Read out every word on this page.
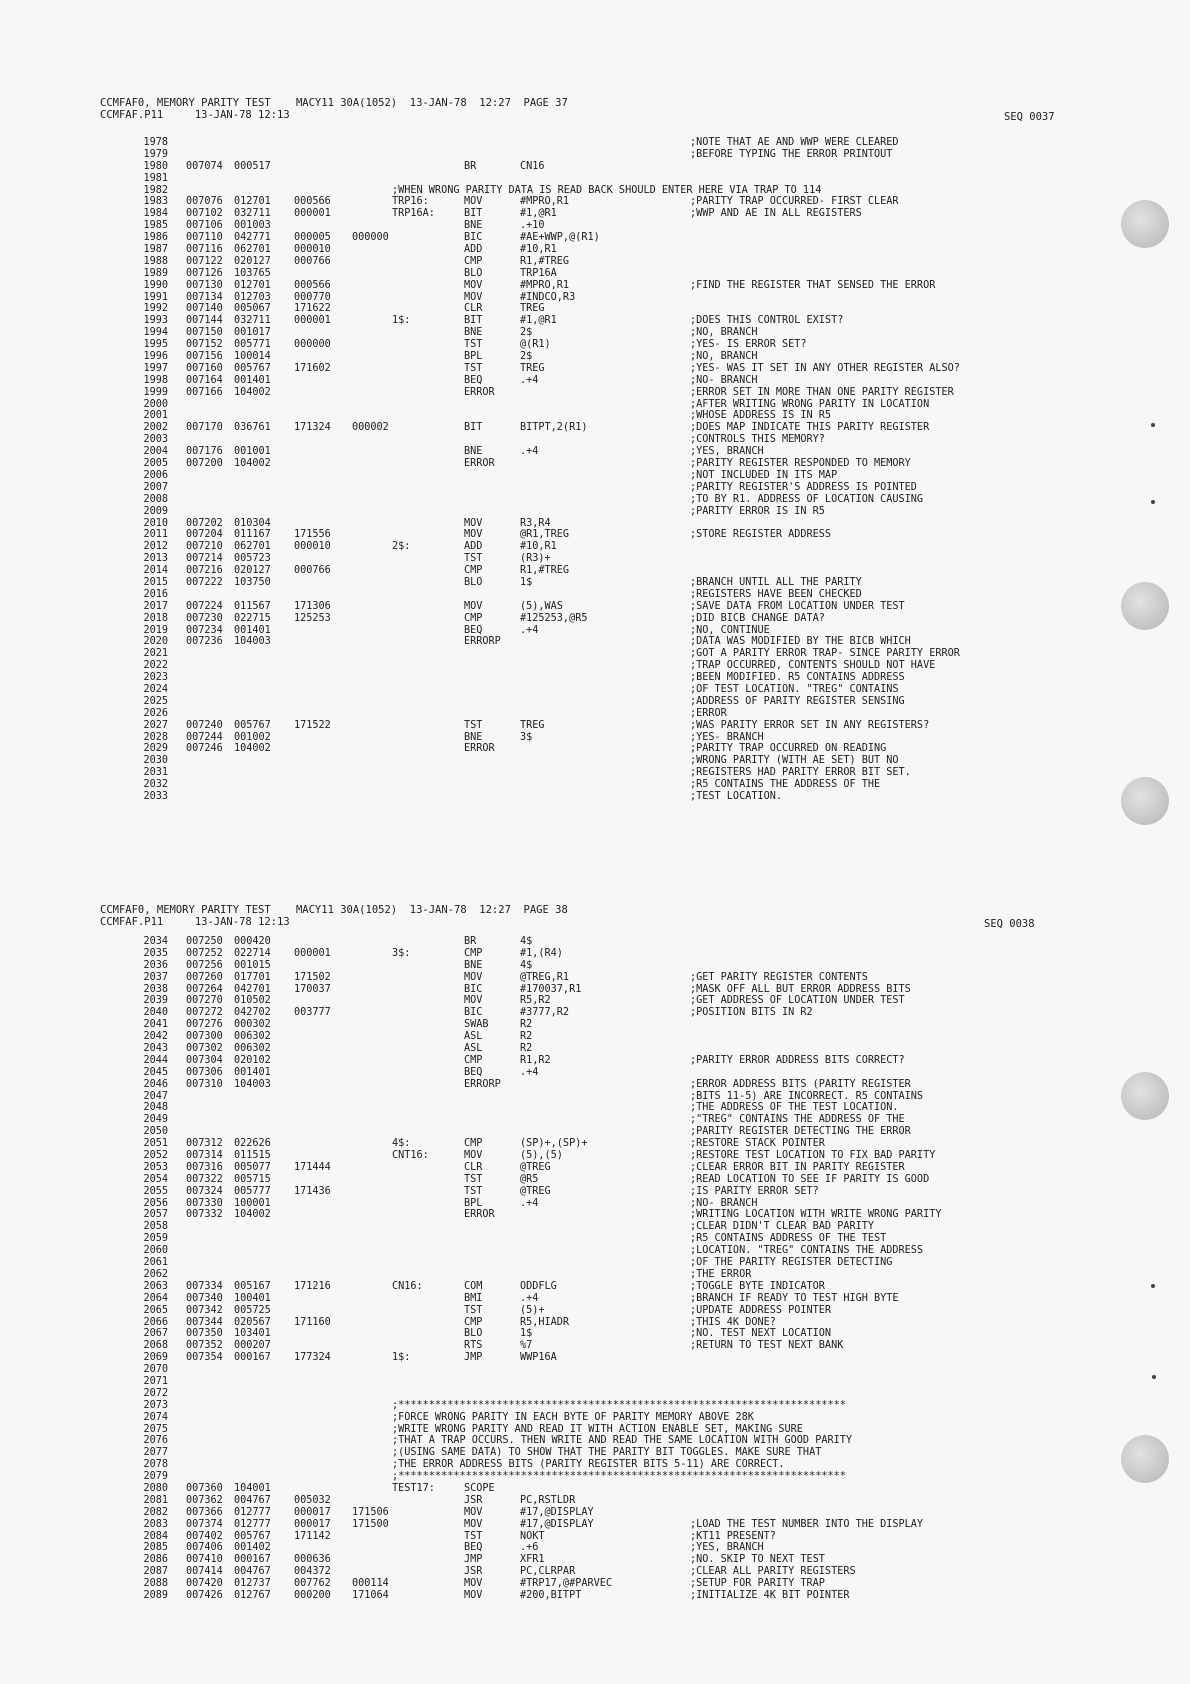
CCMFAF0, MEMORY PARITY TEST    MACY11 30A(1052)  13-JAN-78  12:27  PAGE 37
CCMFAF.P11     13-JAN-78 12:13	SEQ 0037
1978	;NOTE THAT AE AND WWP WERE CLEARED
1979	;BEFORE TYPING THE ERROR PRINTOUT
1980 007074 000517	BR	CN16
1981
1982	;WHEN WRONG PARITY DATA IS READ BACK SHOULD ENTER HERE VIA TRAP TO 114
1983 007076 012701 000566	TRP16:	MOV	#MPRO,R1	;PARITY TRAP OCCURRED- FIRST CLEAR
1984 007102 032711 000001	TRP16A:	BIT	#1,@R1	;WWP AND AE IN ALL REGISTERS
1985 007106 001003	BNE	.+10
1986 007110 042771 000005 000000	BIC	#AE+WWP,@(R1)
1987 007116 062701 000010	ADD	#10,R1
1988 007122 020127 000766	CMP	R1,#TREG
1989 007126 103765	BLO	TRP16A
1990 007130 012701 000566	MOV	#MPRO,R1	;FIND THE REGISTER THAT SENSED THE ERROR
1991 007134 012703 000770	MOV	#INDCO,R3
1992 007140 005067 171622	CLR	TREG
1993 007144 032711 000001	1$:	BIT	#1,@R1	;DOES THIS CONTROL EXIST?
1994 007150 001017	BNE	2$	;NO, BRANCH
1995 007152 005771 000000	TST	@(R1)	;YES- IS ERROR SET?
1996 007156 100014	BPL	2$	;NO, BRANCH
1997 007160 005767 171602	TST	TREG	;YES- WAS IT SET IN ANY OTHER REGISTER ALSO?
1998 007164 001401	BEQ	.+4	;NO- BRANCH
1999 007166 104002	ERROR	;ERROR SET IN MORE THAN ONE PARITY REGISTER
2000	;AFTER WRITING WRONG PARITY IN LOCATION
2001	;WHOSE ADDRESS IS IN R5
2002 007170 036761 171324 000002	BIT	BITPT,2(R1)	;DOES MAP INDICATE THIS PARITY REGISTER
2003	;CONTROLS THIS MEMORY?
2004 007176 001001	BNE	.+4	;YES, BRANCH
2005 007200 104002	ERROR	;PARITY REGISTER RESPONDED TO MEMORY
2006	;NOT INCLUDED IN ITS MAP
2007	;PARITY REGISTER'S ADDRESS IS POINTED
2008	;TO BY R1. ADDRESS OF LOCATION CAUSING
2009	;PARITY ERROR IS IN R5
2010 007202 010304	MOV	R3,R4
2011 007204 011167 171556	MOV	@R1,TREG	;STORE REGISTER ADDRESS
2012 007210 062701 000010	2$:	ADD	#10,R1
2013 007214 005723	TST	(R3)+
2014 007216 020127 000766	CMP	R1,#TREG
2015 007222 103750	BLO	1$	;BRANCH UNTIL ALL THE PARITY
2016	;REGISTERS HAVE BEEN CHECKED
2017 007224 011567 171306	MOV	(5),WAS	;SAVE DATA FROM LOCATION UNDER TEST
2018 007230 022715 125253	CMP	#125253,@R5	;DID BICB CHANGE DATA?
2019 007234 001401	BEQ	.+4	;NO, CONTINUE
2020 007236 104003	ERRORP	;DATA WAS MODIFIED BY THE BICB WHICH
2021	;GOT A PARITY ERROR TRAP- SINCE PARITY ERROR
2022	;TRAP OCCURRED, CONTENTS SHOULD NOT HAVE
2023	;BEEN MODIFIED. R5 CONTAINS ADDRESS
2024	;OF TEST LOCATION. "TREG" CONTAINS
2025	;ADDRESS OF PARITY REGISTER SENSING
2026	;ERROR
2027 007240 005767 171522	TST	TREG	;WAS PARITY ERROR SET IN ANY REGISTERS?
2028 007244 001002	BNE	3$	;YES- BRANCH
2029 007246 104002	ERROR	;PARITY TRAP OCCURRED ON READING
2030	;WRONG PARITY (WITH AE SET) BUT NO
2031	;REGISTERS HAD PARITY ERROR BIT SET.
2032	;R5 CONTAINS THE ADDRESS OF THE
2033	;TEST LOCATION.
CCMFAF0, MEMORY PARITY TEST    MACY11 30A(1052)  13-JAN-78  12:27  PAGE 38
CCMFAF.P11     13-JAN-78 12:13	SEQ 0038
2034 007250 000420	BR	4$
2035 007252 022714 000001	3$:	CMP	#1,(R4)
2036 007256 001015	BNE	4$
2037 007260 017701 171502	MOV	@TREG,R1	;GET PARITY REGISTER CONTENTS
2038 007264 042701 170037	BIC	#170037,R1	;MASK OFF ALL BUT ERROR ADDRESS BITS
2039 007270 010502	MOV	R5,R2	;GET ADDRESS OF LOCATION UNDER TEST
2040 007272 042702 003777	BIC	#3777,R2	;POSITION BITS IN R2
2041 007276 000302	SWAB	R2
2042 007300 006302	ASL	R2
2043 007302 006302	ASL	R2
2044 007304 020102	CMP	R1,R2	;PARITY ERROR ADDRESS BITS CORRECT?
2045 007306 001401	BEQ	.+4
2046 007310 104003	ERRORP	;ERROR ADDRESS BITS (PARITY REGISTER
2047	;BITS 11-5) ARE INCORRECT. R5 CONTAINS
2048	;THE ADDRESS OF THE TEST LOCATION.
2049	;"TREG" CONTAINS THE ADDRESS OF THE
2050	;PARITY REGISTER DETECTING THE ERROR
2051 007312 022626	4$:	CMP	(SP)+,(SP)+	;RESTORE STACK POINTER
2052 007314 011515	CNT16:	MOV	(5),(5)	;RESTORE TEST LOCATION TO FIX BAD PARITY
2053 007316 005077 171444	CLR	@TREG	;CLEAR ERROR BIT IN PARITY REGISTER
2054 007322 005715	TST	@R5	;READ LOCATION TO SEE IF PARITY IS GOOD
2055 007324 005777 171436	TST	@TREG	;IS PARITY ERROR SET?
2056 007330 100001	BPL	.+4	;NO- BRANCH
2057 007332 104002	ERROR	;WRITING LOCATION WITH WRITE WRONG PARITY
2058	;CLEAR DIDN'T CLEAR BAD PARITY
2059	;R5 CONTAINS ADDRESS OF THE TEST
2060	;LOCATION. "TREG" CONTAINS THE ADDRESS
2061	;OF THE PARITY REGISTER DETECTING
2062	;THE ERROR
2063 007334 005167 171216	CN16:	COM	ODDFLG	;TOGGLE BYTE INDICATOR
2064 007340 100401	BMI	.+4	;BRANCH IF READY TO TEST HIGH BYTE
2065 007342 005725	TST	(5)+	;UPDATE ADDRESS POINTER
2066 007344 020567 171160	CMP	R5,HIADR	;THIS 4K DONE?
2067 007350 103401	BLO	1$	;NO. TEST NEXT LOCATION
2068 007352 000207	RTS	%7	;RETURN TO TEST NEXT BANK
2069 007354 000167 177324	1$:	JMP	WWP16A
2070
2071
2072
2073	;*************************************************************************
2074	;FORCE WRONG PARITY IN EACH BYTE OF PARITY MEMORY ABOVE 28K
2075	;WRITE WRONG PARITY AND READ IT WITH ACTION ENABLE SET, MAKING SURE
2076	;THAT A TRAP OCCURS. THEN WRITE AND READ THE SAME LOCATION WITH GOOD PARITY
2077	;(USING SAME DATA) TO SHOW THAT THE PARITY BIT TOGGLES. MAKE SURE THAT
2078	;THE ERROR ADDRESS BITS (PARITY REGISTER BITS 5-11) ARE CORRECT.
2079	;*************************************************************************
2080 007360 104001	TEST17:	SCOPE
2081 007362 004767 005032	JSR	PC,RSTLDR
2082 007366 012777 000017 171506	MOV	#17,@DISPLAY
2083 007374 012777 000017 171500	MOV	#17,@DISPLAY	;LOAD THE TEST NUMBER INTO THE DISPLAY
2084 007402 005767 171142	TST	NOKT	;KT11 PRESENT?
2085 007406 001402	BEQ	.+6	;YES, BRANCH
2086 007410 000167 000636	JMP	XFR1	;NO. SKIP TO NEXT TEST
2087 007414 004767 004372	JSR	PC,CLRPAR	;CLEAR ALL PARITY REGISTERS
2088 007420 012737 007762 000114	MOV	#TRP17,@#PARVEC	;SETUP FOR PARITY TRAP
2089 007426 012767 000200 171064	MOV	#200,BITPT	;INITIALIZE 4K BIT POINTER
